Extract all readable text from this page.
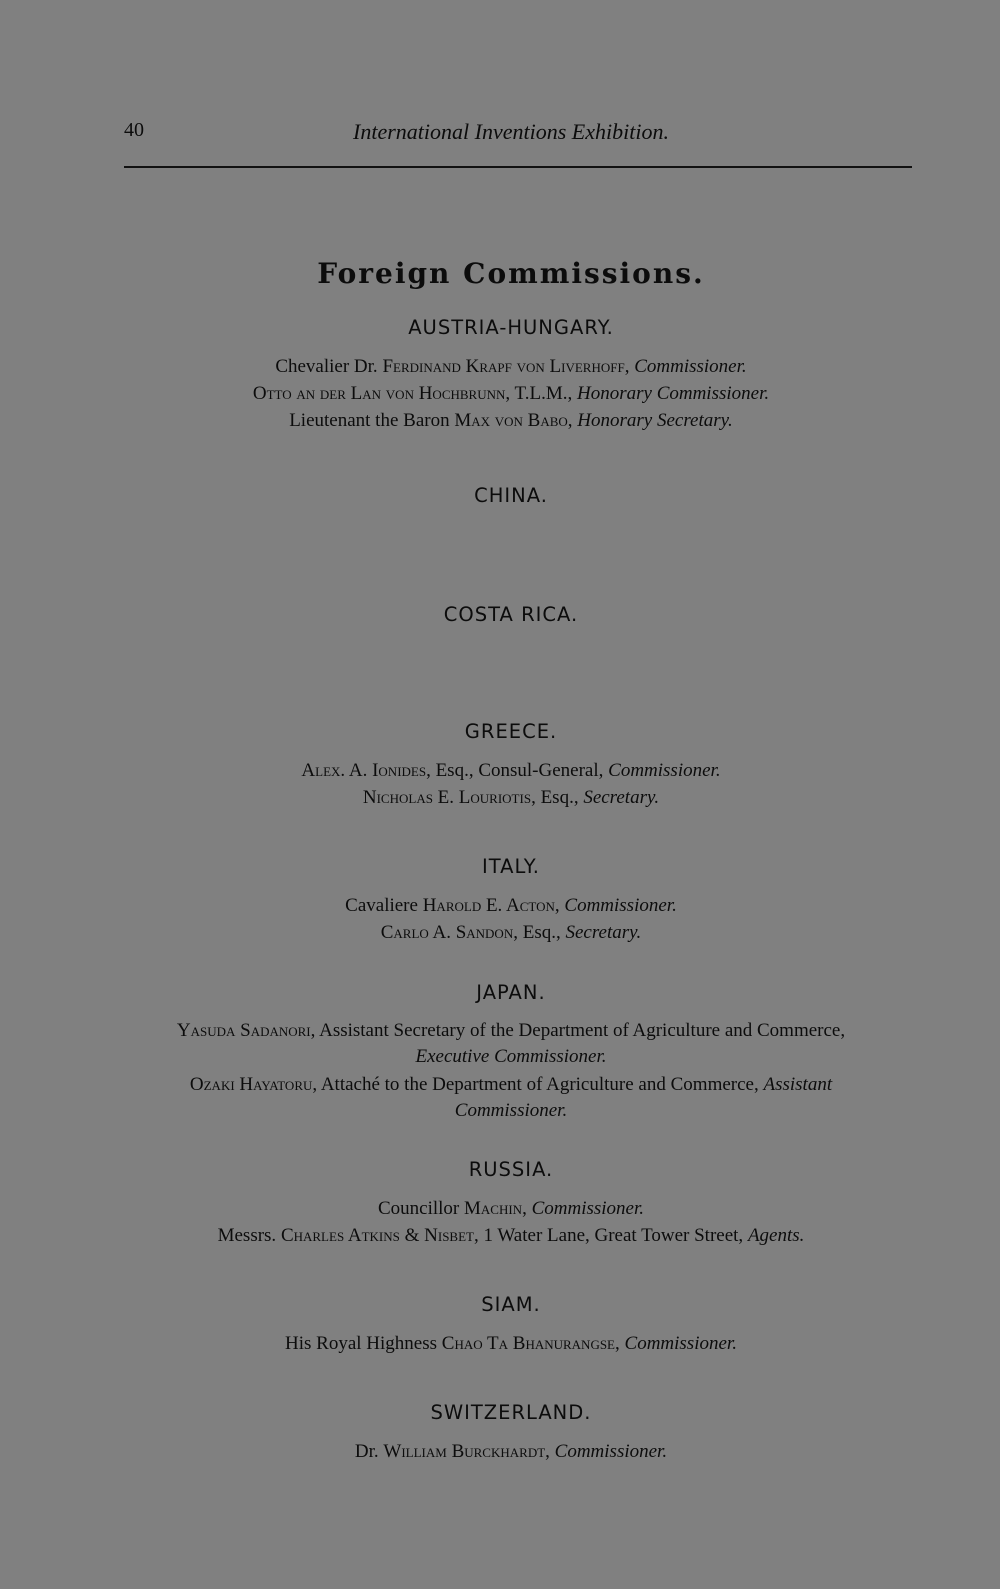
40	International Inventions Exhibition.
Foreign Commissions.
AUSTRIA-HUNGARY.
Chevalier Dr. Ferdinand Krapf von Liverhoff, Commissioner.
Otto an der Lan von Hochbrunn, T.L.M., Honorary Commissioner.
Lieutenant the Baron Max von Babo, Honorary Secretary.
CHINA.
COSTA RICA.
GREECE.
Alex. A. Ionides, Esq., Consul-General, Commissioner.
Nicholas E. Louriotis, Esq., Secretary.
ITALY.
Cavaliere Harold E. Acton, Commissioner.
Carlo A. Sandon, Esq., Secretary.
JAPAN.
Yasuda Sadanori, Assistant Secretary of the Department of Agriculture and Commerce, Executive Commissioner.
Ozaki Hayatoru, Attaché to the Department of Agriculture and Commerce, Assistant Commissioner.
RUSSIA.
Councillor Machin, Commissioner.
Messrs. Charles Atkins & Nisbet, 1 Water Lane, Great Tower Street, Agents.
SIAM.
His Royal Highness Chao Ta Bhanurangse, Commissioner.
SWITZERLAND.
Dr. William Burckhardt, Commissioner.
